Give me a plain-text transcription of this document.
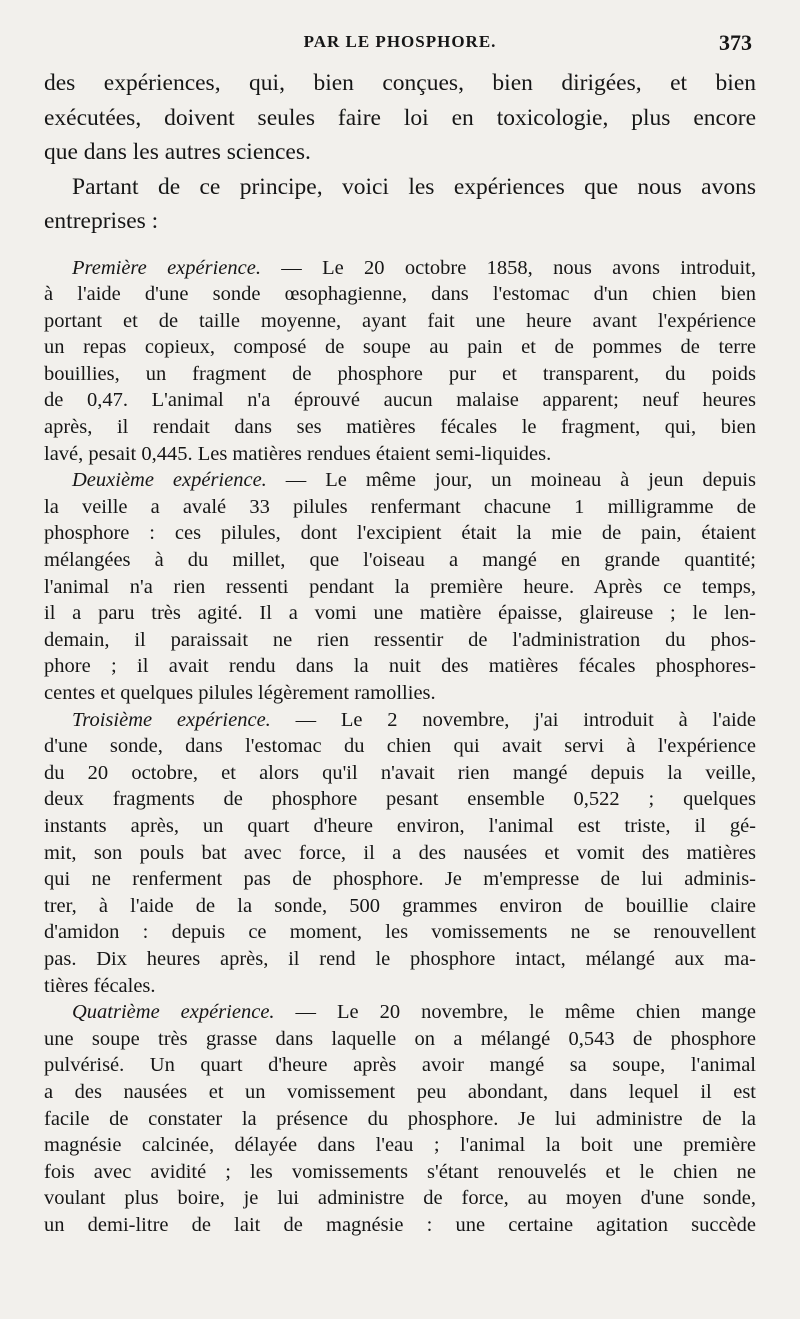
PAR LE PHOSPHORE.	373
des expériences, qui, bien conçues, bien dirigées, et bien
exécutées, doivent seules faire loi en toxicologie, plus encore
que dans les autres sciences.
Partant de ce principe, voici les expériences que nous avons
entreprises :
Première expérience. — Le 20 octobre 1858, nous avons introduit,
à l'aide d'une sonde œsophagienne, dans l'estomac d'un chien bien
portant et de taille moyenne, ayant fait une heure avant l'expérience
un repas copieux, composé de soupe au pain et de pommes de terre
bouillies, un fragment de phosphore pur et transparent, du poids
de 0,47. L'animal n'a éprouvé aucun malaise apparent; neuf heures
après, il rendait dans ses matières fécales le fragment, qui, bien
lavé, pesait 0,445. Les matières rendues étaient semi-liquides.
Deuxième expérience. — Le même jour, un moineau à jeun depuis
la veille a avalé 33 pilules renfermant chacune 1 milligramme de
phosphore : ces pilules, dont l'excipient était la mie de pain, étaient
mélangées à du millet, que l'oiseau a mangé en grande quantité;
l'animal n'a rien ressenti pendant la première heure. Après ce temps,
il a paru très agité. Il a vomi une matière épaisse, glaireuse ; le len-
demain, il paraissait ne rien ressentir de l'administration du phos-
phore ; il avait rendu dans la nuit des matières fécales phosphores-
centes et quelques pilules légèrement ramollies.
Troisième expérience. — Le 2 novembre, j'ai introduit à l'aide
d'une sonde, dans l'estomac du chien qui avait servi à l'expérience
du 20 octobre, et alors qu'il n'avait rien mangé depuis la veille,
deux fragments de phosphore pesant ensemble 0,522 ; quelques
instants après, un quart d'heure environ, l'animal est triste, il gé-
mit, son pouls bat avec force, il a des nausées et vomit des matières
qui ne renferment pas de phosphore. Je m'empresse de lui adminis-
trer, à l'aide de la sonde, 500 grammes environ de bouillie claire
d'amidon : depuis ce moment, les vomissements ne se renouvellent
pas. Dix heures après, il rend le phosphore intact, mélangé aux ma-
tières fécales.
Quatrième expérience. — Le 20 novembre, le même chien mange
une soupe très grasse dans laquelle on a mélangé 0,543 de phosphore
pulvérisé. Un quart d'heure après avoir mangé sa soupe, l'animal
a des nausées et un vomissement peu abondant, dans lequel il est
facile de constater la présence du phosphore. Je lui administre de la
magnésie calcinée, délayée dans l'eau ; l'animal la boit une première
fois avec avidité ; les vomissements s'étant renouvelés et le chien ne
voulant plus boire, je lui administre de force, au moyen d'une sonde,
un demi-litre de lait de magnésie : une certaine agitation succède
